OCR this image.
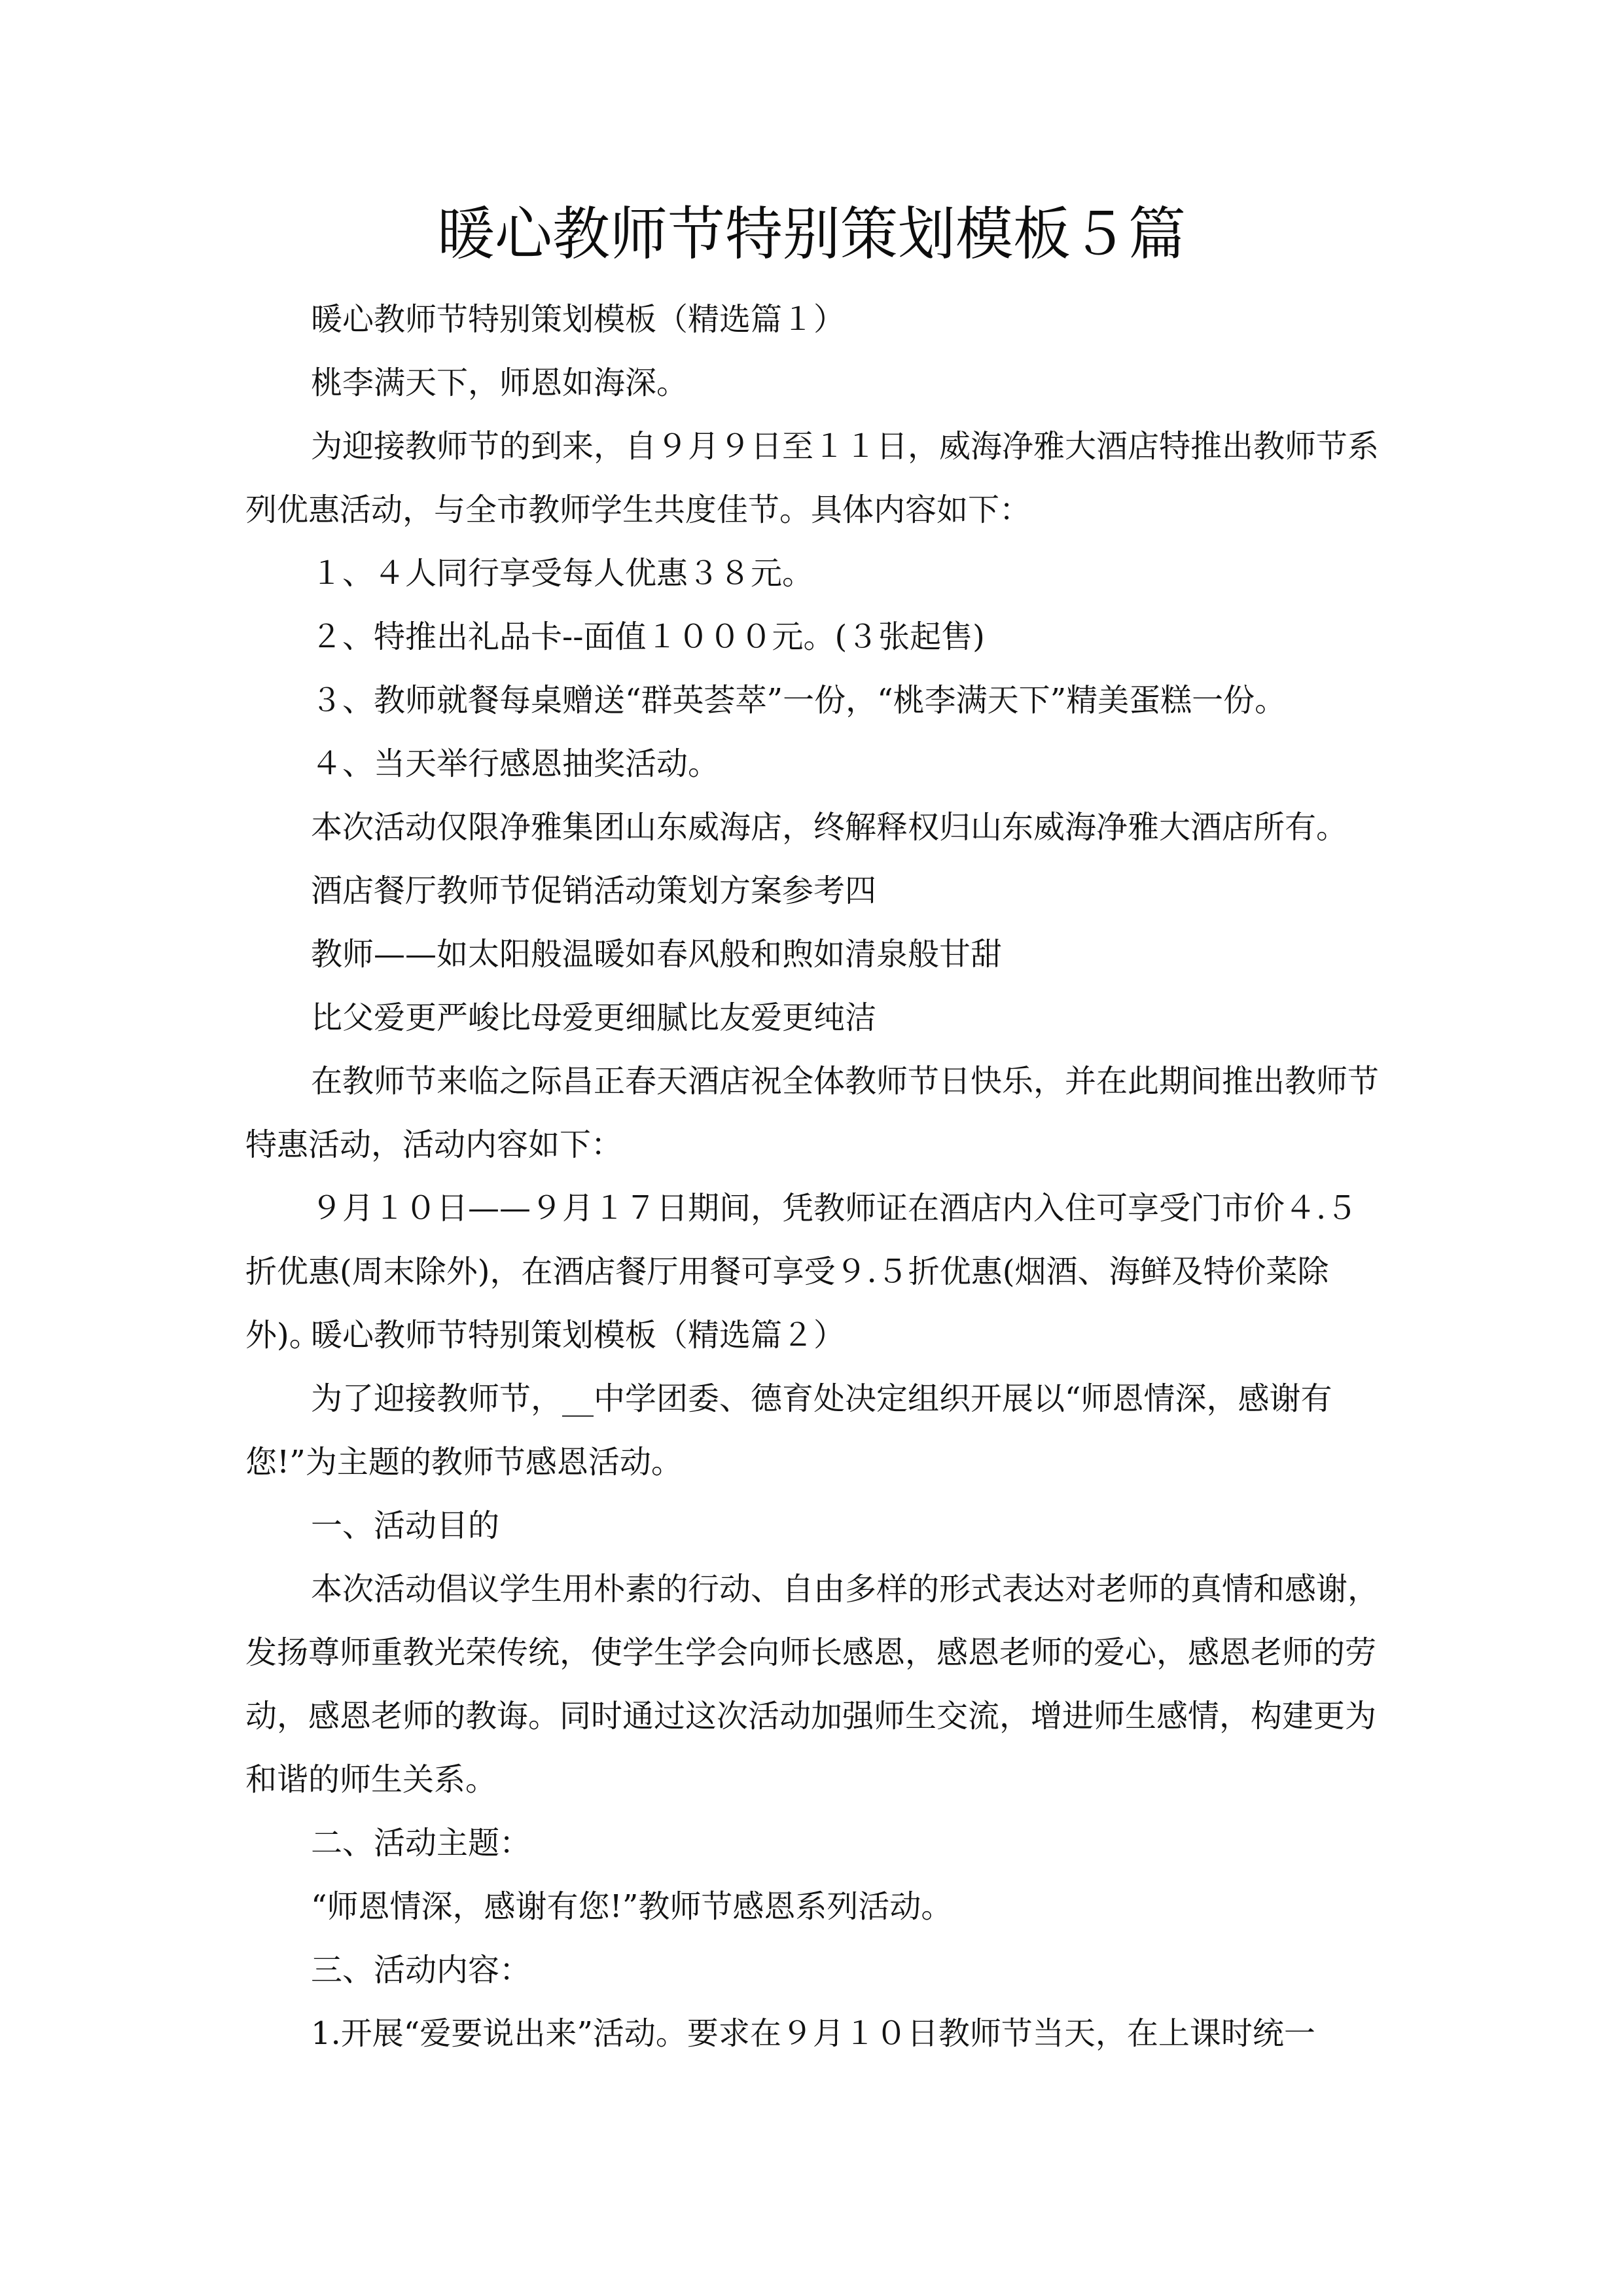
暖心教师节特别策划模板５篇

暖心教师节特别策划模板（精选篇１）

桃李满天下，师恩如海深。

为迎接教师节的到来，自９月９日至１１日，威海净雅大酒店特推出教师节系列优惠活动，与全市教师学生共度佳节。具体内容如下：

１、４人同行享受每人优惠３８元。

２、特推出礼品卡--面值１０００元。(３张起售)

３、教师就餐每桌赠送“群英荟萃”一份，“桃李满天下”精美蛋糕一份。

４、当天举行感恩抽奖活动。

本次活动仅限净雅集团山东威海店，终解释权归山东威海净雅大酒店所有。

酒店餐厅教师节促销活动策划方案参考四

教师——如太阳般温暖如春风般和煦如清泉般甘甜

比父爱更严峻比母爱更细腻比友爱更纯洁

在教师节来临之际昌正春天酒店祝全体教师节日快乐，并在此期间推出教师节特惠活动，活动内容如下：

９月１０日——９月１７日期间，凭教师证在酒店内入住可享受门市价４.５折优惠(周末除外)，在酒店餐厅用餐可享受９.５折优惠(烟酒、海鲜及特价菜除外)。

暖心教师节特别策划模板（精选篇２）

为了迎接教师节，__中学团委、德育处决定组织开展以“师恩情深，感谢有您!”为主题的教师节感恩活动。

一、活动目的

本次活动倡议学生用朴素的行动、自由多样的形式表达对老师的真情和感谢，发扬尊师重教光荣传统，使学生学会向师长感恩，感恩老师的爱心，感恩老师的劳动，感恩老师的教诲。同时通过这次活动加强师生交流，增进师生感情，构建更为和谐的师生关系。

二、活动主题：

“师恩情深，感谢有您!”教师节感恩系列活动。

三、活动内容：

1.开展“爱要说出来”活动。要求在９月１０日教师节当天，在上课时统一
